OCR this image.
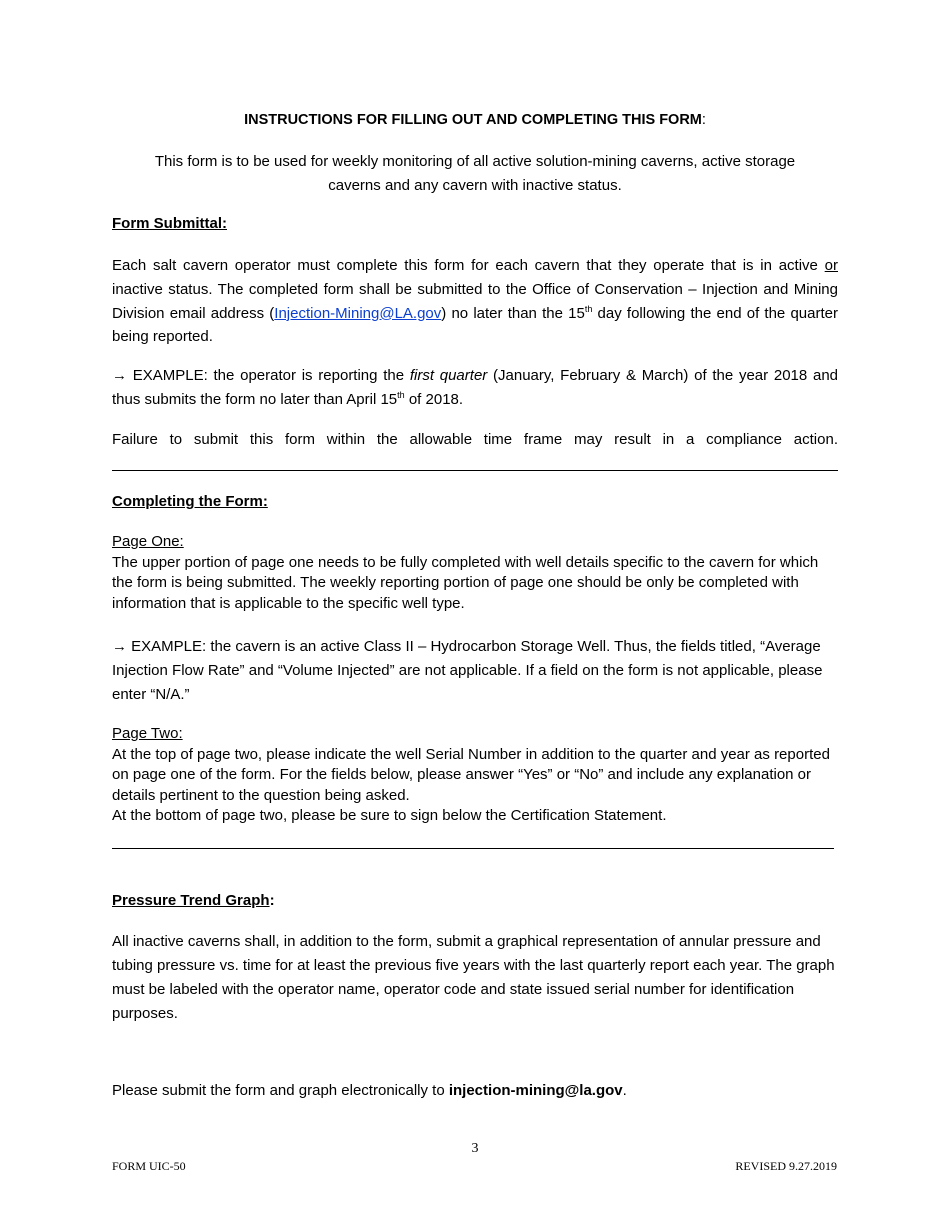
INSTRUCTIONS FOR FILLING OUT AND COMPLETING THIS FORM:
This form is to be used for weekly monitoring of all active solution-mining caverns, active storage caverns and any cavern with inactive status.
Form Submittal:
Each salt cavern operator must complete this form for each cavern that they operate that is in active or inactive status. The completed form shall be submitted to the Office of Conservation – Injection and Mining Division email address (Injection-Mining@LA.gov) no later than the 15th day following the end of the quarter being reported.
→ EXAMPLE: the operator is reporting the first quarter (January, February & March) of the year 2018 and thus submits the form no later than April 15th of 2018.
Failure to submit this form within the allowable time frame may result in a compliance action.
Completing the Form:
Page One:
The upper portion of page one needs to be fully completed with well details specific to the cavern for which the form is being submitted. The weekly reporting portion of page one should be only be completed with information that is applicable to the specific well type.
→ EXAMPLE: the cavern is an active Class II – Hydrocarbon Storage Well. Thus, the fields titled, “Average Injection Flow Rate” and “Volume Injected” are not applicable. If a field on the form is not applicable, please enter “N/A.”
Page Two:
At the top of page two, please indicate the well Serial Number in addition to the quarter and year as reported on page one of the form. For the fields below, please answer “Yes” or “No” and include any explanation or details pertinent to the question being asked.
At the bottom of page two, please be sure to sign below the Certification Statement.
Pressure Trend Graph:
All inactive caverns shall, in addition to the form, submit a graphical representation of annular pressure and tubing pressure vs. time for at least the previous five years with the last quarterly report each year. The graph must be labeled with the operator name, operator code and state issued serial number for identification purposes.
Please submit the form and graph electronically to injection-mining@la.gov.
3
FORM UIC-50	REVISED 9.27.2019
